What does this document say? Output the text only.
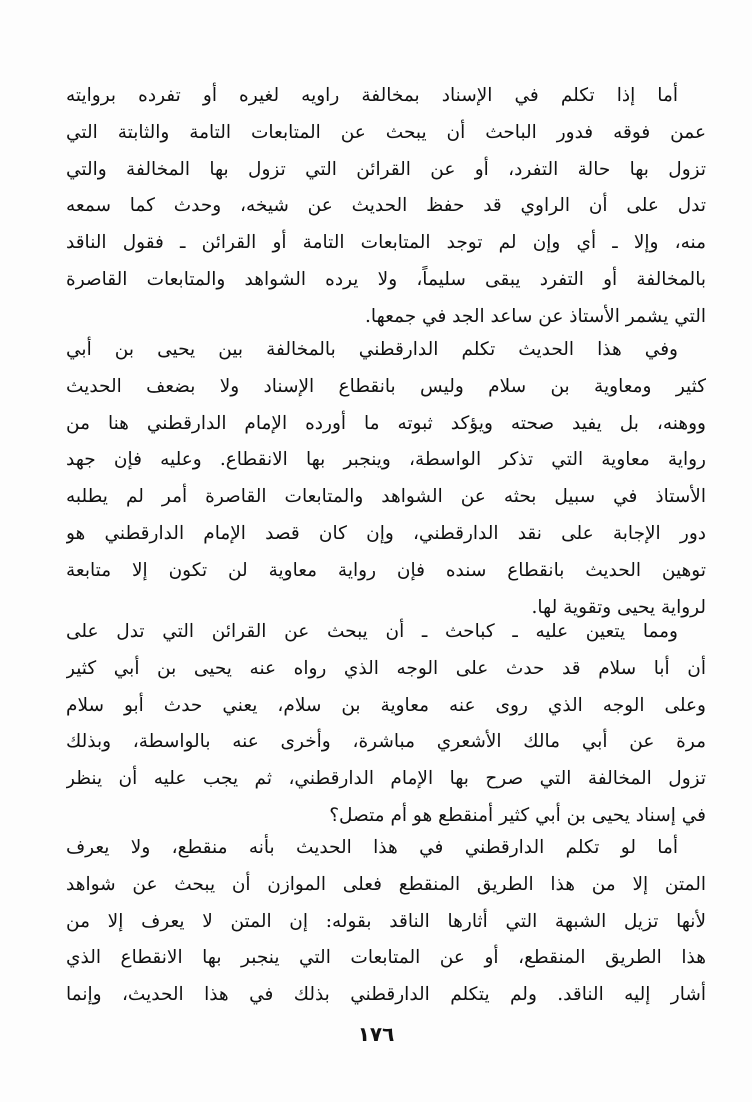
أما إذا تكلم في الإسناد بمخالفة راويه لغيره أو تفرده بروايته
عمن فوقه فدور الباحث أن يبحث عن المتابعات التامة والثابتة التي
تزول بها حالة التفرد، أو عن القرائن التي تزول بها المخالفة والتي
تدل على أن الراوي قد حفظ الحديث عن شيخه، وحدث كما سمعه
منه، وإلا ـ أي وإن لم توجد المتابعات التامة أو القرائن ـ فقول الناقد
بالمخالفة أو التفرد يبقى سليماً، ولا يرده الشواهد والمتابعات القاصرة
التي يشمر الأستاذ عن ساعد الجد في جمعها.
وفي هذا الحديث تكلم الدارقطني بالمخالفة بين يحيى بن أبي
كثير ومعاوية بن سلام وليس بانقطاع الإسناد ولا بضعف الحديث
ووهنه، بل يفيد صحته ويؤكد ثبوته ما أورده الإمام الدارقطني هنا من
رواية معاوية التي تذكر الواسطة، وينجبر بها الانقطاع. وعليه فإن جهد
الأستاذ في سبيل بحثه عن الشواهد والمتابعات القاصرة أمر لم يطلبه
دور الإجابة على نقد الدارقطني، وإن كان قصد الإمام الدارقطني هو
توهين الحديث بانقطاع سنده فإن رواية معاوية لن تكون إلا متابعة
لرواية يحيى وتقوية لها.
ومما يتعين عليه ـ كباحث ـ أن يبحث عن القرائن التي تدل على
أن أبا سلام قد حدث على الوجه الذي رواه عنه يحيى بن أبي كثير
وعلى الوجه الذي روى عنه معاوية بن سلام، يعني حدث أبو سلام
مرة عن أبي مالك الأشعري مباشرة، وأخرى عنه بالواسطة، وبذلك
تزول المخالفة التي صرح بها الإمام الدارقطني، ثم يجب عليه أن ينظر
في إسناد يحيى بن أبي كثير أمنقطع هو أم متصل؟
أما لو تكلم الدارقطني في هذا الحديث بأنه منقطع، ولا يعرف
المتن إلا من هذا الطريق المنقطع فعلى الموازن أن يبحث عن شواهد
لأنها تزيل الشبهة التي أثارها الناقد بقوله: إن المتن لا يعرف إلا من
هذا الطريق المنقطع، أو عن المتابعات التي ينجبر بها الانقطاع الذي
أشار إليه الناقد. ولم يتكلم الدارقطني بذلك في هذا الحديث، وإنما
١٧٦
